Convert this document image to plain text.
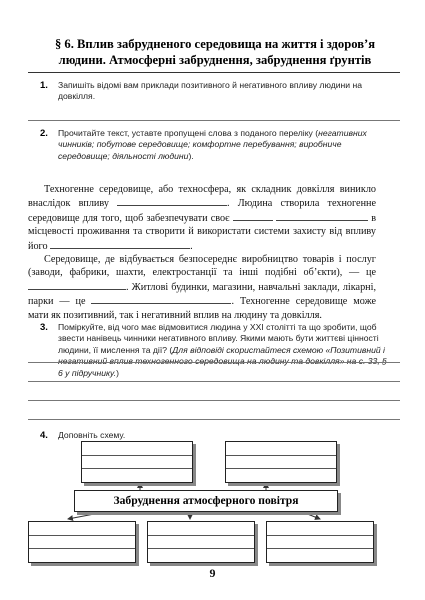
§ 6. Вплив забрудненого середовища на життя і здоров’я людини. Атмосферні забруднення, забруднення ґрунтів
1. Запишіть відомі вам приклади позитивного й негативного впливу людини на довкілля.
2. Прочитайте текст, уставте пропущені слова з поданого переліку (негативних чинників; побутове середовище; комфортне перебування; виробниче середовище; діяльності людини).

Техногенне середовище, або техносфера, як складник довкілля виникло внаслідок впливу	. Людина створила техногенне середовище для того, щоб забезпечувати своє	в місцевості проживання та створити й використати системи захисту від впливу його	.

Середовище, де відбувається безпосереднє виробництво товарів і послуг (заводи, фабрики, шахти, електростанції та інші подібні об’єкти), — це . Житлові будинки, магазини, навчальні заклади, лікарні, парки — це	. Техногенне середовище може мати як позитивний, так і негативний вплив на людину та довкілля.

3. Поміркуйте, від чого має відмовитися людина у XXI столітті та що зробити, щоб звести нанівець чинники негативного впливу. Якими мають бути життєві цінності людини, її мислення та дії? (Для відповіді скористайтеся схемою «Позитивний і негативний вплив техногенного середовища на людину та довкілля» на с. 33, § 6 у підручнику.)
4. Доповніть схему.
Забруднення атмосферного повітря
9
